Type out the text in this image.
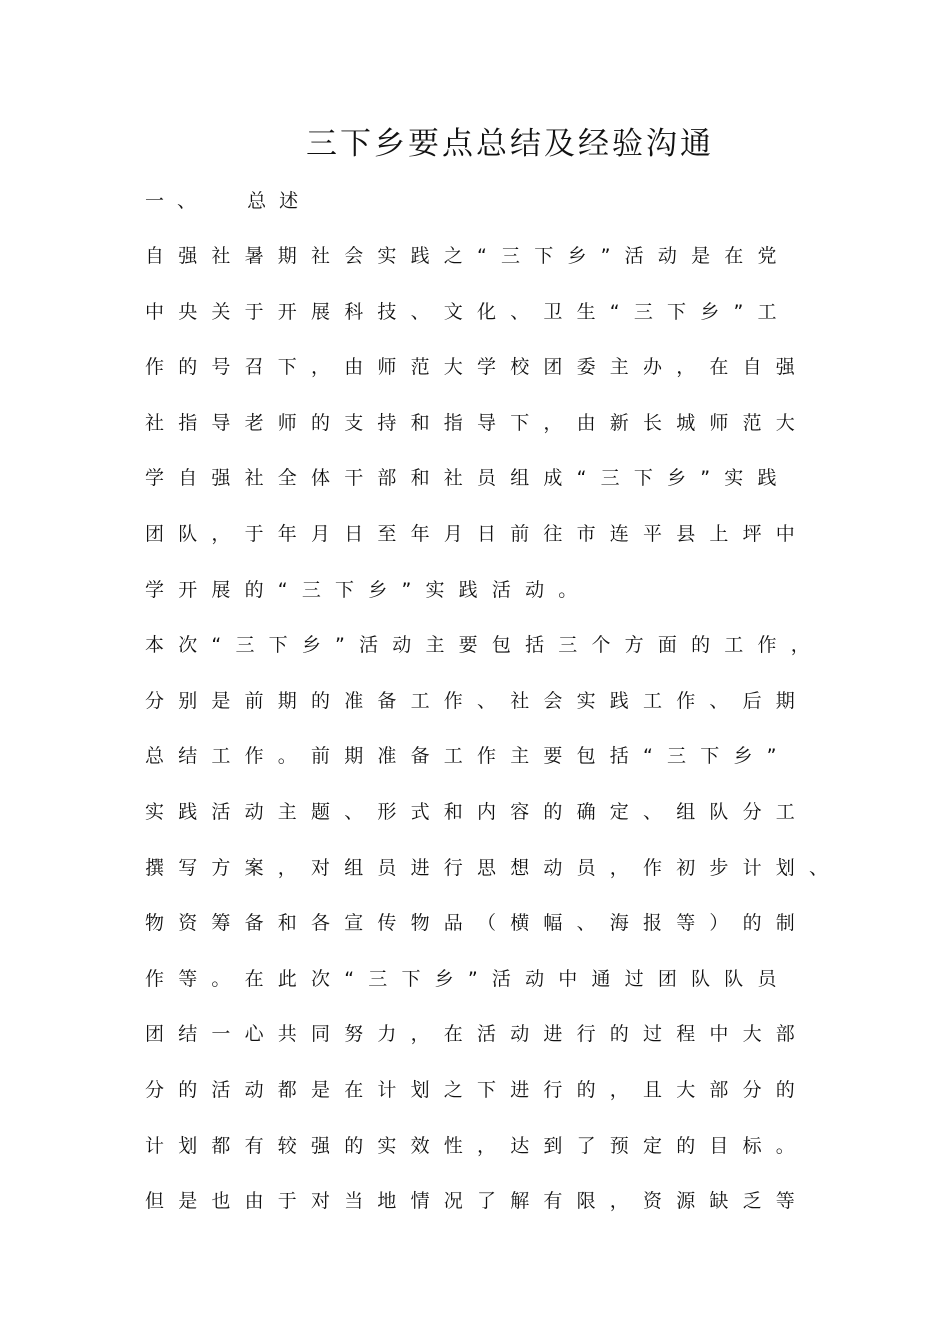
三下乡要点总结及经验沟通
一、  总述
自强社暑期社会实践之“三下乡”活动是在党
中央关于开展科技、文化、卫生“三下乡”工
作的号召下，由师范大学校团委主办，在自强
社指导老师的支持和指导下，由新长城师范大
学自强社全体干部和社员组成“三下乡”实践
团队，于年月日至年月日前往市连平县上坪中
学开展的“三下乡”实践活动。
本次“三下乡”活动主要包括三个方面的工作，
分别是前期的准备工作、社会实践工作、后期
总结工作。前期准备工作主要包括“三下乡”
实践活动主题、形式和内容的确定、组队分工
撰写方案，对组员进行思想动员，作初步计划、
物资筹备和各宣传物品（横幅、海报等）的制
作等。在此次“三下乡”活动中通过团队队员
团结一心共同努力，在活动进行的过程中大部
分的活动都是在计划之下进行的，且大部分的
计划都有较强的实效性，达到了预定的目标。
但是也由于对当地情况了解有限，资源缺乏等
